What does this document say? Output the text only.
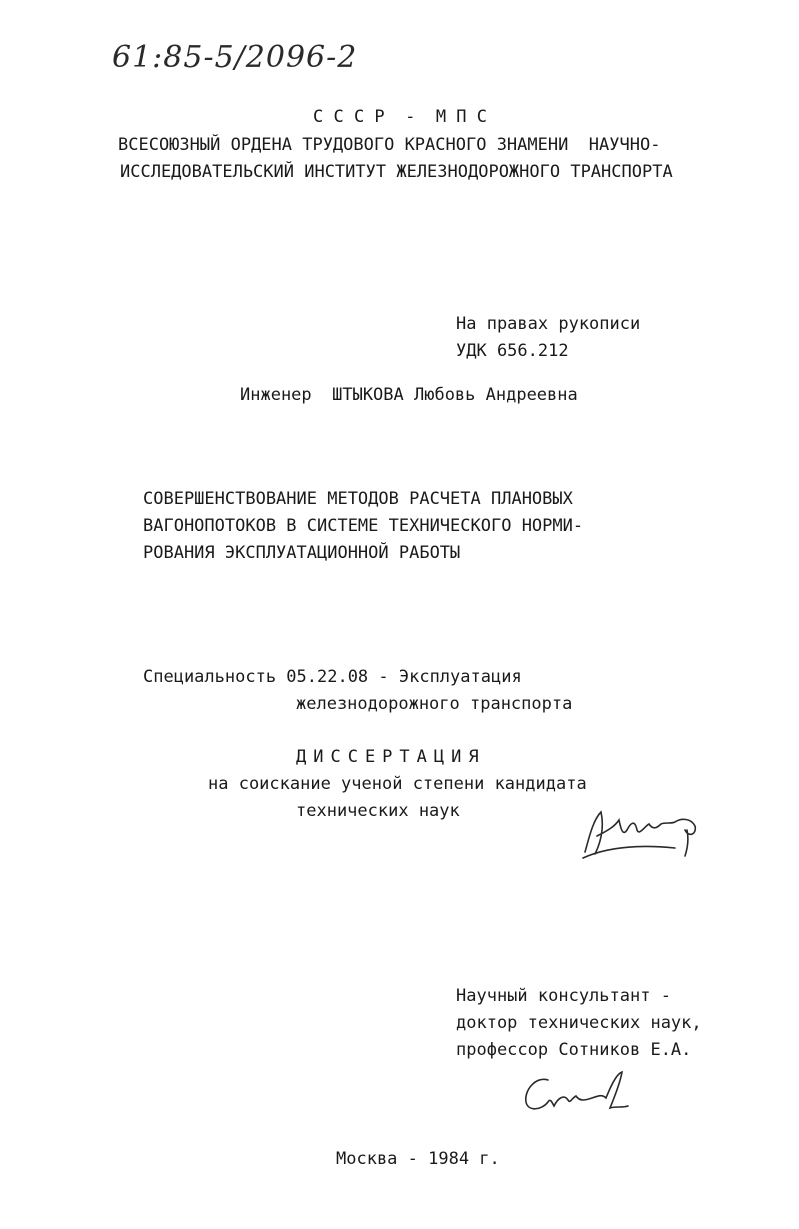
61:85-5/2096-2
С С С Р  -  М П С
ВСЕСОЮЗНЫЙ ОРДЕНА ТРУДОВОГО КРАСНОГО ЗНАМЕНИ  НАУЧНО-
ИССЛЕДОВАТЕЛЬСКИЙ ИНСТИТУТ ЖЕЛЕЗНОДОРОЖНОГО ТРАНСПОРТА
На правах рукописи
УДК 656.212
Инженер  ШТЫКОВА Любовь Андреевна
СОВЕРШЕНСТВОВАНИЕ МЕТОДОВ РАСЧЕТА ПЛАНОВЫХ
ВАГОНОПОТОКОВ В СИСТЕМЕ ТЕХНИЧЕСКОГО НОРМИ-
РОВАНИЯ ЭКСПЛУАТАЦИОННОЙ РАБОТЫ
Специальность 05.22.08 - Эксплуатация
железнодорожного транспорта
ДИССЕРТАЦИЯ
на соискание ученой степени кандидата
технических наук
Научный консультант -
доктор технических наук,
профессор Сотников Е.А.
Москва - 1984 г.
